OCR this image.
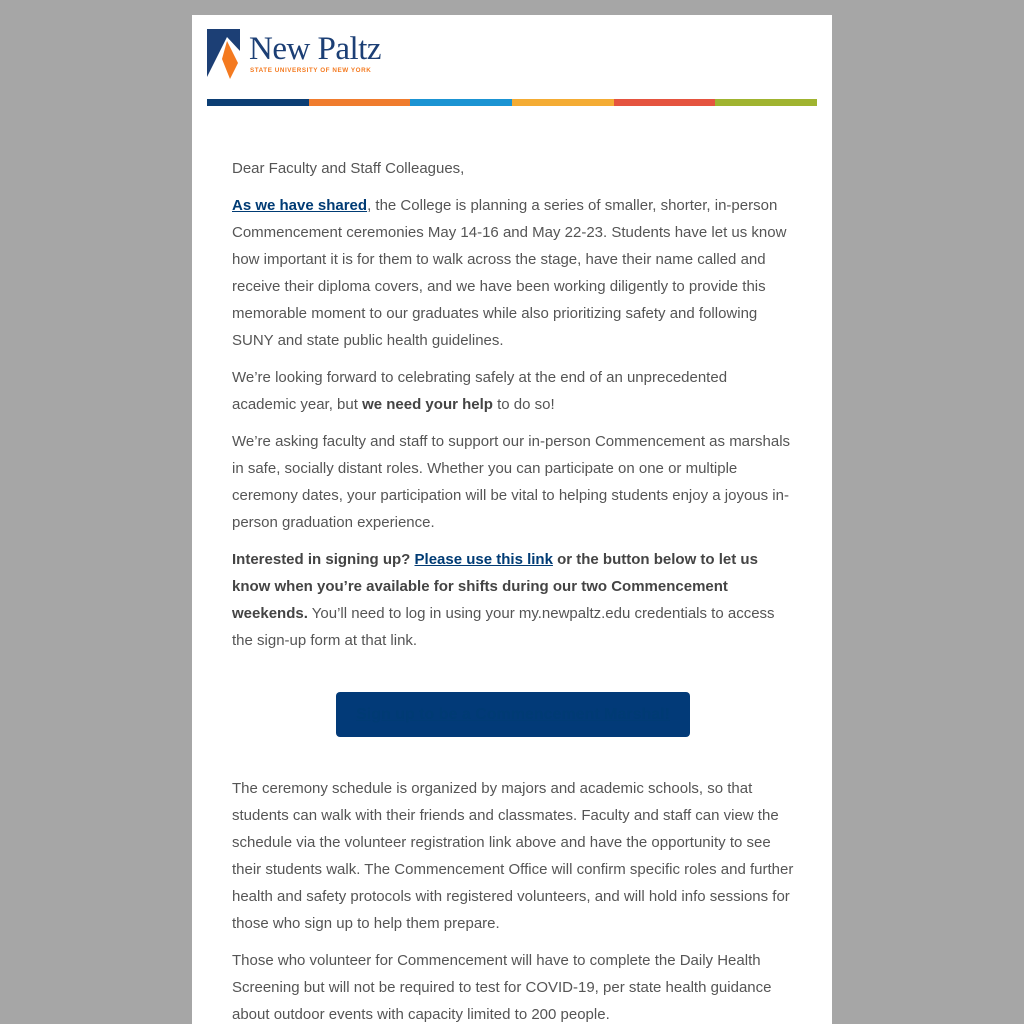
New Paltz
STATE UNIVERSITY OF NEW YORK

Dear Faculty and Staff Colleagues,

As we have shared, the College is planning a series of smaller, shorter, in-person Commencement ceremonies May 14-16 and May 22-23. Students have let us know how important it is for them to walk across the stage, have their name called and receive their diploma covers, and we have been working diligently to provide this memorable moment to our graduates while also prioritizing safety and following SUNY and state public health guidelines.

We’re looking forward to celebrating safely at the end of an unprecedented academic year, but we need your help to do so!

We’re asking faculty and staff to support our in-person Commencement as marshals in safe, socially distant roles. Whether you can participate on one or multiple ceremony dates, your participation will be vital to helping students enjoy a joyous in-person graduation experience.

Interested in signing up? Please use this link or the button below to let us know when you’re available for shifts during our two Commencement weekends. You’ll need to log in using your my.newpaltz.edu credentials to access the sign-up form at that link.

Sign up to be a Commencement Marshal!

The ceremony schedule is organized by majors and academic schools, so that students can walk with their friends and classmates. Faculty and staff can view the schedule via the volunteer registration link above and have the opportunity to see their students walk. The Commencement Office will confirm specific roles and further health and safety protocols with registered volunteers, and will hold info sessions for those who sign up to help them prepare.

Those who volunteer for Commencement will have to complete the Daily Health Screening but will not be required to test for COVID-19, per state health guidance about outdoor events with capacity limited to 200 people.
